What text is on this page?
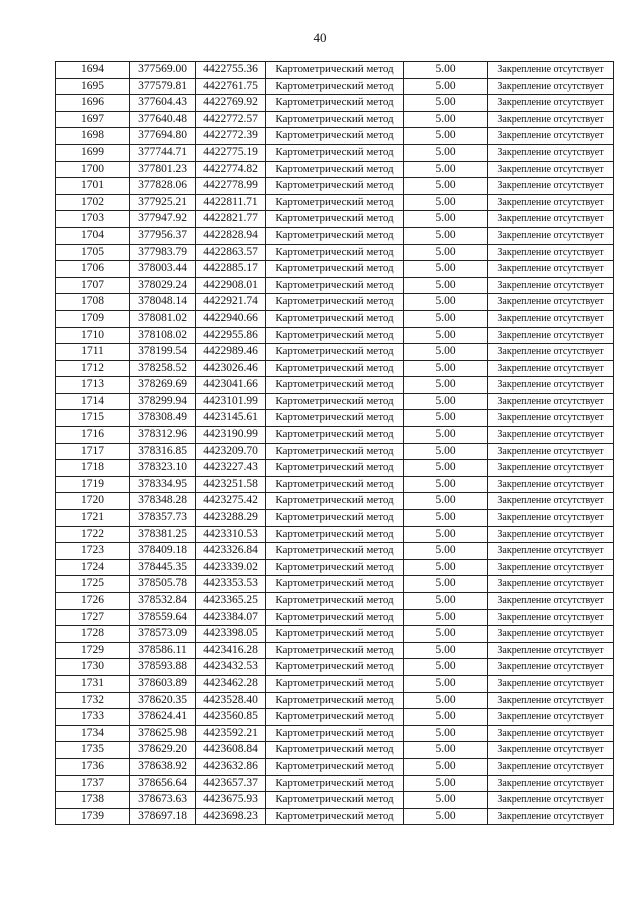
40
1694	377569.00	4422755.36	Картометрический метод	5.00	Закрепление отсутствует
1695	377579.81	4422761.75	Картометрический метод	5.00	Закрепление отсутствует
1696	377604.43	4422769.92	Картометрический метод	5.00	Закрепление отсутствует
1697	377640.48	4422772.57	Картометрический метод	5.00	Закрепление отсутствует
1698	377694.80	4422772.39	Картометрический метод	5.00	Закрепление отсутствует
1699	377744.71	4422775.19	Картометрический метод	5.00	Закрепление отсутствует
1700	377801.23	4422774.82	Картометрический метод	5.00	Закрепление отсутствует
1701	377828.06	4422778.99	Картометрический метод	5.00	Закрепление отсутствует
1702	377925.21	4422811.71	Картометрический метод	5.00	Закрепление отсутствует
1703	377947.92	4422821.77	Картометрический метод	5.00	Закрепление отсутствует
1704	377956.37	4422828.94	Картометрический метод	5.00	Закрепление отсутствует
1705	377983.79	4422863.57	Картометрический метод	5.00	Закрепление отсутствует
1706	378003.44	4422885.17	Картометрический метод	5.00	Закрепление отсутствует
1707	378029.24	4422908.01	Картометрический метод	5.00	Закрепление отсутствует
1708	378048.14	4422921.74	Картометрический метод	5.00	Закрепление отсутствует
1709	378081.02	4422940.66	Картометрический метод	5.00	Закрепление отсутствует
1710	378108.02	4422955.86	Картометрический метод	5.00	Закрепление отсутствует
1711	378199.54	4422989.46	Картометрический метод	5.00	Закрепление отсутствует
1712	378258.52	4423026.46	Картометрический метод	5.00	Закрепление отсутствует
1713	378269.69	4423041.66	Картометрический метод	5.00	Закрепление отсутствует
1714	378299.94	4423101.99	Картометрический метод	5.00	Закрепление отсутствует
1715	378308.49	4423145.61	Картометрический метод	5.00	Закрепление отсутствует
1716	378312.96	4423190.99	Картометрический метод	5.00	Закрепление отсутствует
1717	378316.85	4423209.70	Картометрический метод	5.00	Закрепление отсутствует
1718	378323.10	4423227.43	Картометрический метод	5.00	Закрепление отсутствует
1719	378334.95	4423251.58	Картометрический метод	5.00	Закрепление отсутствует
1720	378348.28	4423275.42	Картометрический метод	5.00	Закрепление отсутствует
1721	378357.73	4423288.29	Картометрический метод	5.00	Закрепление отсутствует
1722	378381.25	4423310.53	Картометрический метод	5.00	Закрепление отсутствует
1723	378409.18	4423326.84	Картометрический метод	5.00	Закрепление отсутствует
1724	378445.35	4423339.02	Картометрический метод	5.00	Закрепление отсутствует
1725	378505.78	4423353.53	Картометрический метод	5.00	Закрепление отсутствует
1726	378532.84	4423365.25	Картометрический метод	5.00	Закрепление отсутствует
1727	378559.64	4423384.07	Картометрический метод	5.00	Закрепление отсутствует
1728	378573.09	4423398.05	Картометрический метод	5.00	Закрепление отсутствует
1729	378586.11	4423416.28	Картометрический метод	5.00	Закрепление отсутствует
1730	378593.88	4423432.53	Картометрический метод	5.00	Закрепление отсутствует
1731	378603.89	4423462.28	Картометрический метод	5.00	Закрепление отсутствует
1732	378620.35	4423528.40	Картометрический метод	5.00	Закрепление отсутствует
1733	378624.41	4423560.85	Картометрический метод	5.00	Закрепление отсутствует
1734	378625.98	4423592.21	Картометрический метод	5.00	Закрепление отсутствует
1735	378629.20	4423608.84	Картометрический метод	5.00	Закрепление отсутствует
1736	378638.92	4423632.86	Картометрический метод	5.00	Закрепление отсутствует
1737	378656.64	4423657.37	Картометрический метод	5.00	Закрепление отсутствует
1738	378673.63	4423675.93	Картометрический метод	5.00	Закрепление отсутствует
1739	378697.18	4423698.23	Картометрический метод	5.00	Закрепление отсутствует
